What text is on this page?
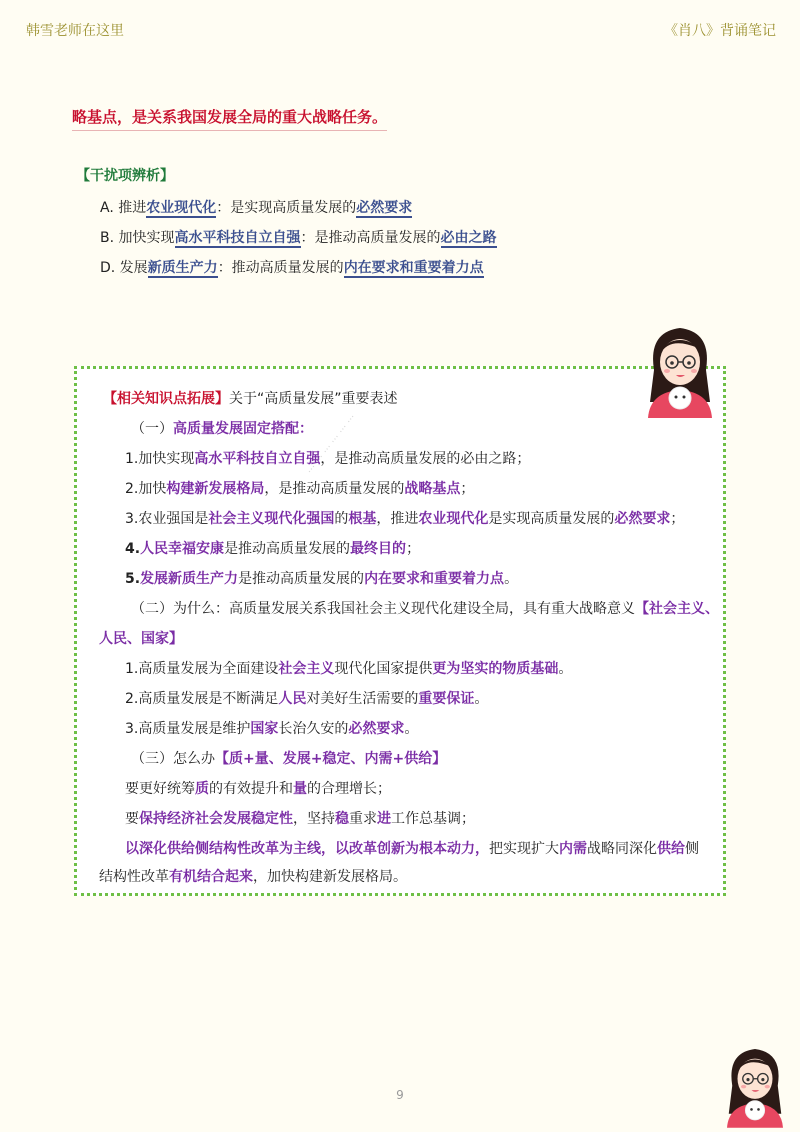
韩雪老师在这里	《肖八》背诵笔记
略基点，是关系我国发展全局的重大战略任务。
【干扰项辨析】
A. 推进农业现代化：是实现高质量发展的必然要求
B. 加快实现高水平科技自立自强：是推动高质量发展的必由之路
D. 发展新质生产力：推动高质量发展的内在要求和重要着力点
【相关知识点拓展】关于“高质量发展”重要表述
（一）高质量发展固定搭配：
1.加快实现高水平科技自立自强，是推动高质量发展的必由之路；
2.加快构建新发展格局，是推动高质量发展的战略基点；
3.农业强国是社会主义现代化强国的根基，推进农业现代化是实现高质量发展的必然要求；
4.人民幸福安康是推动高质量发展的最终目的；
5.发展新质生产力是推动高质量发展的内在要求和重要着力点。
（二）为什么：高质量发展关系我国社会主义现代化建设全局，具有重大战略意义【社会主义、
人民、国家】
1.高质量发展为全面建设社会主义现代化国家提供更为坚实的物质基础。
2.高质量发展是不断满足人民对美好生活需要的重要保证。
3.高质量发展是维护国家长治久安的必然要求。
（三）怎么办【质+量、发展+稳定、内需+供给】
要更好统筹质的有效提升和量的合理增长；
要保持经济社会发展稳定性，坚持稳重求进工作总基调；
以深化供给侧结构性改革为主线，以改革创新为根本动力，把实现扩大内需战略同深化供给侧
结构性改革有机结合起来，加快构建新发展格局。
··· ··· ··· ··· ··· ···
9
